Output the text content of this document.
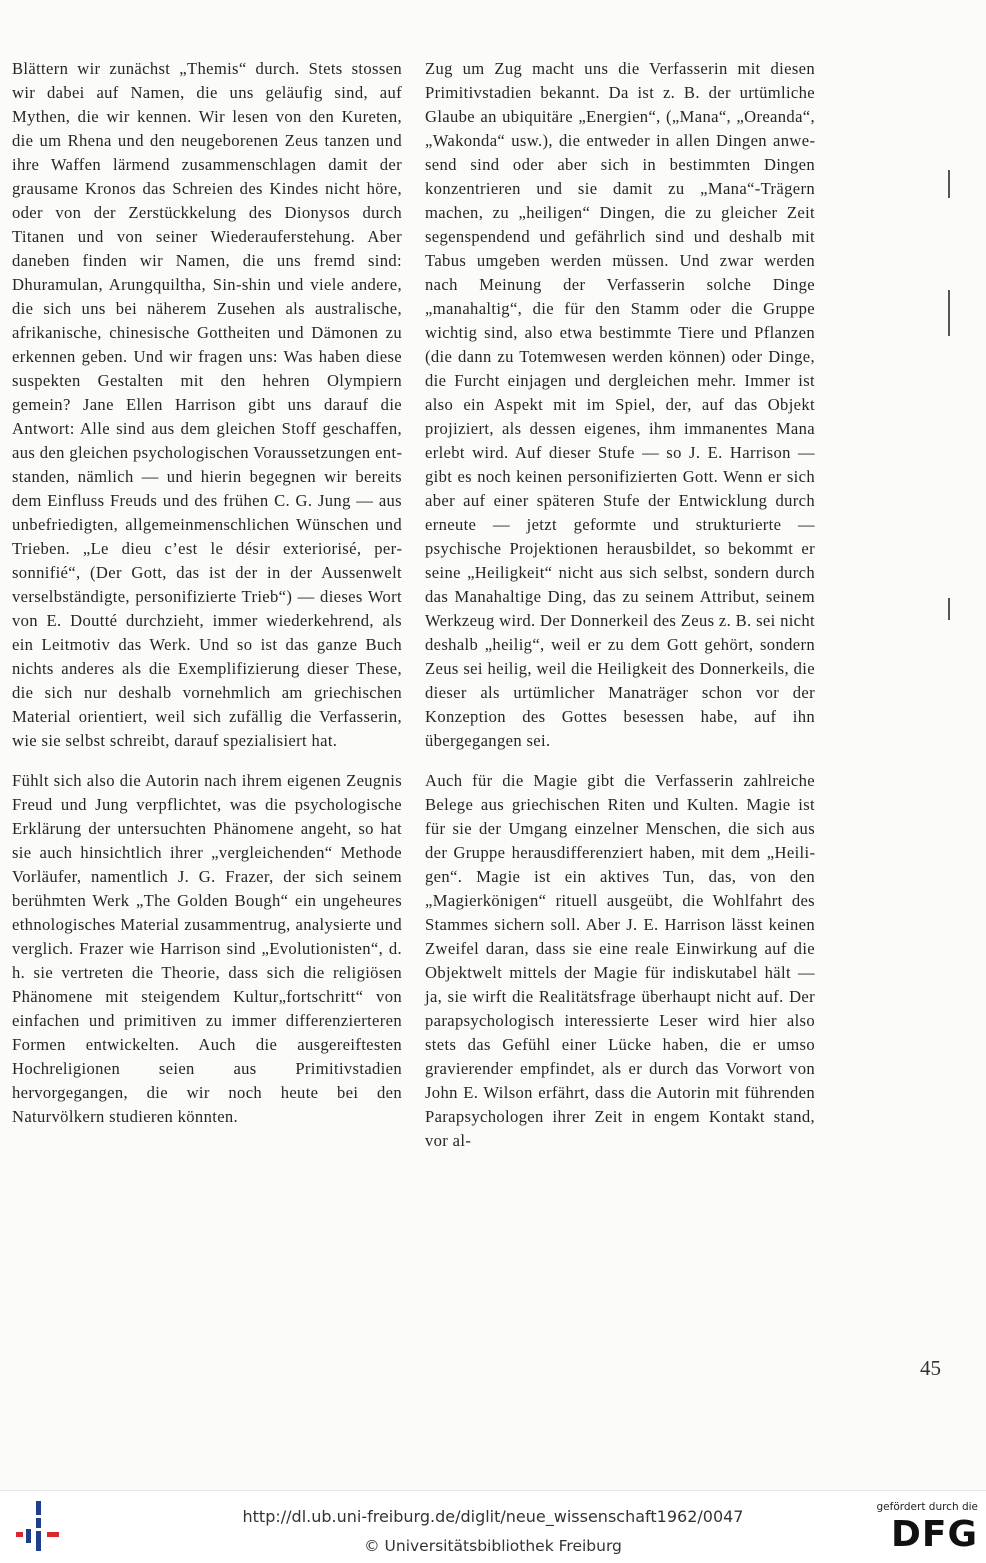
Blättern wir zunächst „Themis“ durch. Stets stossen wir dabei auf Namen, die uns geläufig sind, auf Mythen, die wir kennen. Wir lesen von den Kureten, die um Rhena und den neugeborenen Zeus tanzen und ihre Waffen lärmend zusammenschlagen damit der grausame Kronos das Schreien des Kindes nicht höre, oder von der Zerstückkelung des Dionysos durch Titanen und von seiner Wiederauferstehung. Aber daneben finden wir Namen, die uns fremd sind: Dhuramulan, Arungquiltha, Sin-shin und viele andere, die sich uns bei näherem Zusehen als australische, afrikanische, chinesische Gottheiten und Dämonen zu erkennen geben. Und wir fragen uns: Was haben diese suspekten Gestalten mit den hehren Olympiern gemein? Jane Ellen Harrison gibt uns darauf die Antwort: Alle sind aus dem gleichen Stoff geschaffen, aus den gleichen psychologischen Voraussetzungen entstanden, nämlich — und hierin begegnen wir bereits dem Einfluss Freuds und des frühen C. G. Jung — aus unbefriedigten, allgemeinmenschlichen Wünschen und Trieben. „Le dieu c’est le désir exteriorisé, personnifié“, (Der Gott, das ist der in der Aussenwelt verselbständigte, personifizierte Trieb“) — dieses Wort von E. Doutté durchzieht, immer wiederkehrend, als ein Leitmotiv das Werk. Und so ist das ganze Buch nichts anderes als die Exemplifizierung dieser These, die sich nur deshalb vornehmlich am griechischen Material orientiert, weil sich zufällig die Verfasserin, wie sie selbst schreibt, darauf spezialisiert hat.

Fühlt sich also die Autorin nach ihrem eigenen Zeugnis Freud und Jung verpflichtet, was die psychologische Erklärung der untersuchten Phänomene angeht, so hat sie auch hinsichtlich ihrer „vergleichenden“ Methode Vorläufer, namentlich J. G. Frazer, der sich seinem berühmten Werk „The Golden Bough“ ein ungeheures ethnologisches Material zusammentrug, analysierte und verglich. Frazer wie Harrison sind „Evolutionisten“, d. h. sie vertreten die Theorie, dass sich die religiösen Phänomene mit steigendem Kultur„fortschritt“ von einfachen und primitiven zu immer differenzierteren Formen entwickelten. Auch die ausgereiftesten Hochreligionen seien aus Primitivstadien hervorgegangen, die wir noch heute bei den Naturvölkern studieren könnten.

Zug um Zug macht uns die Verfasserin mit diesen Primitivstadien bekannt. Da ist z. B. der urtümliche Glaube an ubiquitäre „Energien“, („Mana“, „Oreanda“, „Wakonda“ usw.), die entweder in allen Dingen anwesend sind oder aber sich in bestimmten Dingen konzentrieren und sie damit zu „Mana“-Trägern machen, zu „heiligen“ Dingen, die zu gleicher Zeit segenspendend und gefährlich sind und deshalb mit Tabus umgeben werden müssen. Und zwar werden nach Meinung der Verfasserin solche Dinge „manahaltig“, die für den Stamm oder die Gruppe wichtig sind, also etwa bestimmte Tiere und Pflanzen (die dann zu Totemwesen werden können) oder Dinge, die Furcht einjagen und dergleichen mehr. Immer ist also ein Aspekt mit im Spiel, der, auf das Objekt projiziert, als dessen eigenes, ihm immanentes Mana erlebt wird. Auf dieser Stufe — so J. E. Harrison — gibt es noch keinen personifizierten Gott. Wenn er sich aber auf einer späteren Stufe der Entwicklung durch erneute — jetzt geformte und strukturierte — psychische Projektionen herausbildet, so bekommt er seine „Heiligkeit“ nicht aus sich selbst, sondern durch das Manahaltige Ding, das zu seinem Attribut, seinem Werkzeug wird. Der Donnerkeil des Zeus z. B. sei nicht deshalb „heilig“, weil er zu dem Gott gehört, sondern Zeus sei heilig, weil die Heiligkeit des Donnerkeils, die dieser als urtümlicher Manaträger schon vor der Konzeption des Gottes besessen habe, auf ihn übergegangen sei.

Auch für die Magie gibt die Verfasserin zahlreiche Belege aus griechischen Riten und Kulten. Magie ist für sie der Umgang einzelner Menschen, die sich aus der Gruppe herausdifferenziert haben, mit dem „Heiligen“. Magie ist ein aktives Tun, das, von den „Magierkönigen“ rituell ausgeübt, die Wohlfahrt des Stammes sichern soll. Aber J. E. Harrison lässt keinen Zweifel daran, dass sie eine reale Einwirkung auf die Objektwelt mittels der Magie für indiskutabel hält — ja, sie wirft die Realitätsfrage überhaupt nicht auf. Der parapsychologisch interessierte Leser wird hier also stets das Gefühl einer Lücke haben, die er umso gravierender empfindet, als er durch das Vorwort von John E. Wilson erfährt, dass die Autorin mit führenden Parapsychologen ihrer Zeit in engem Kontakt stand, vor al-

45
http://dl.ub.uni-freiburg.de/diglit/neue_wissenschaft1962/0047
© Universitätsbibliothek Freiburg
gefördert durch die
DFG
